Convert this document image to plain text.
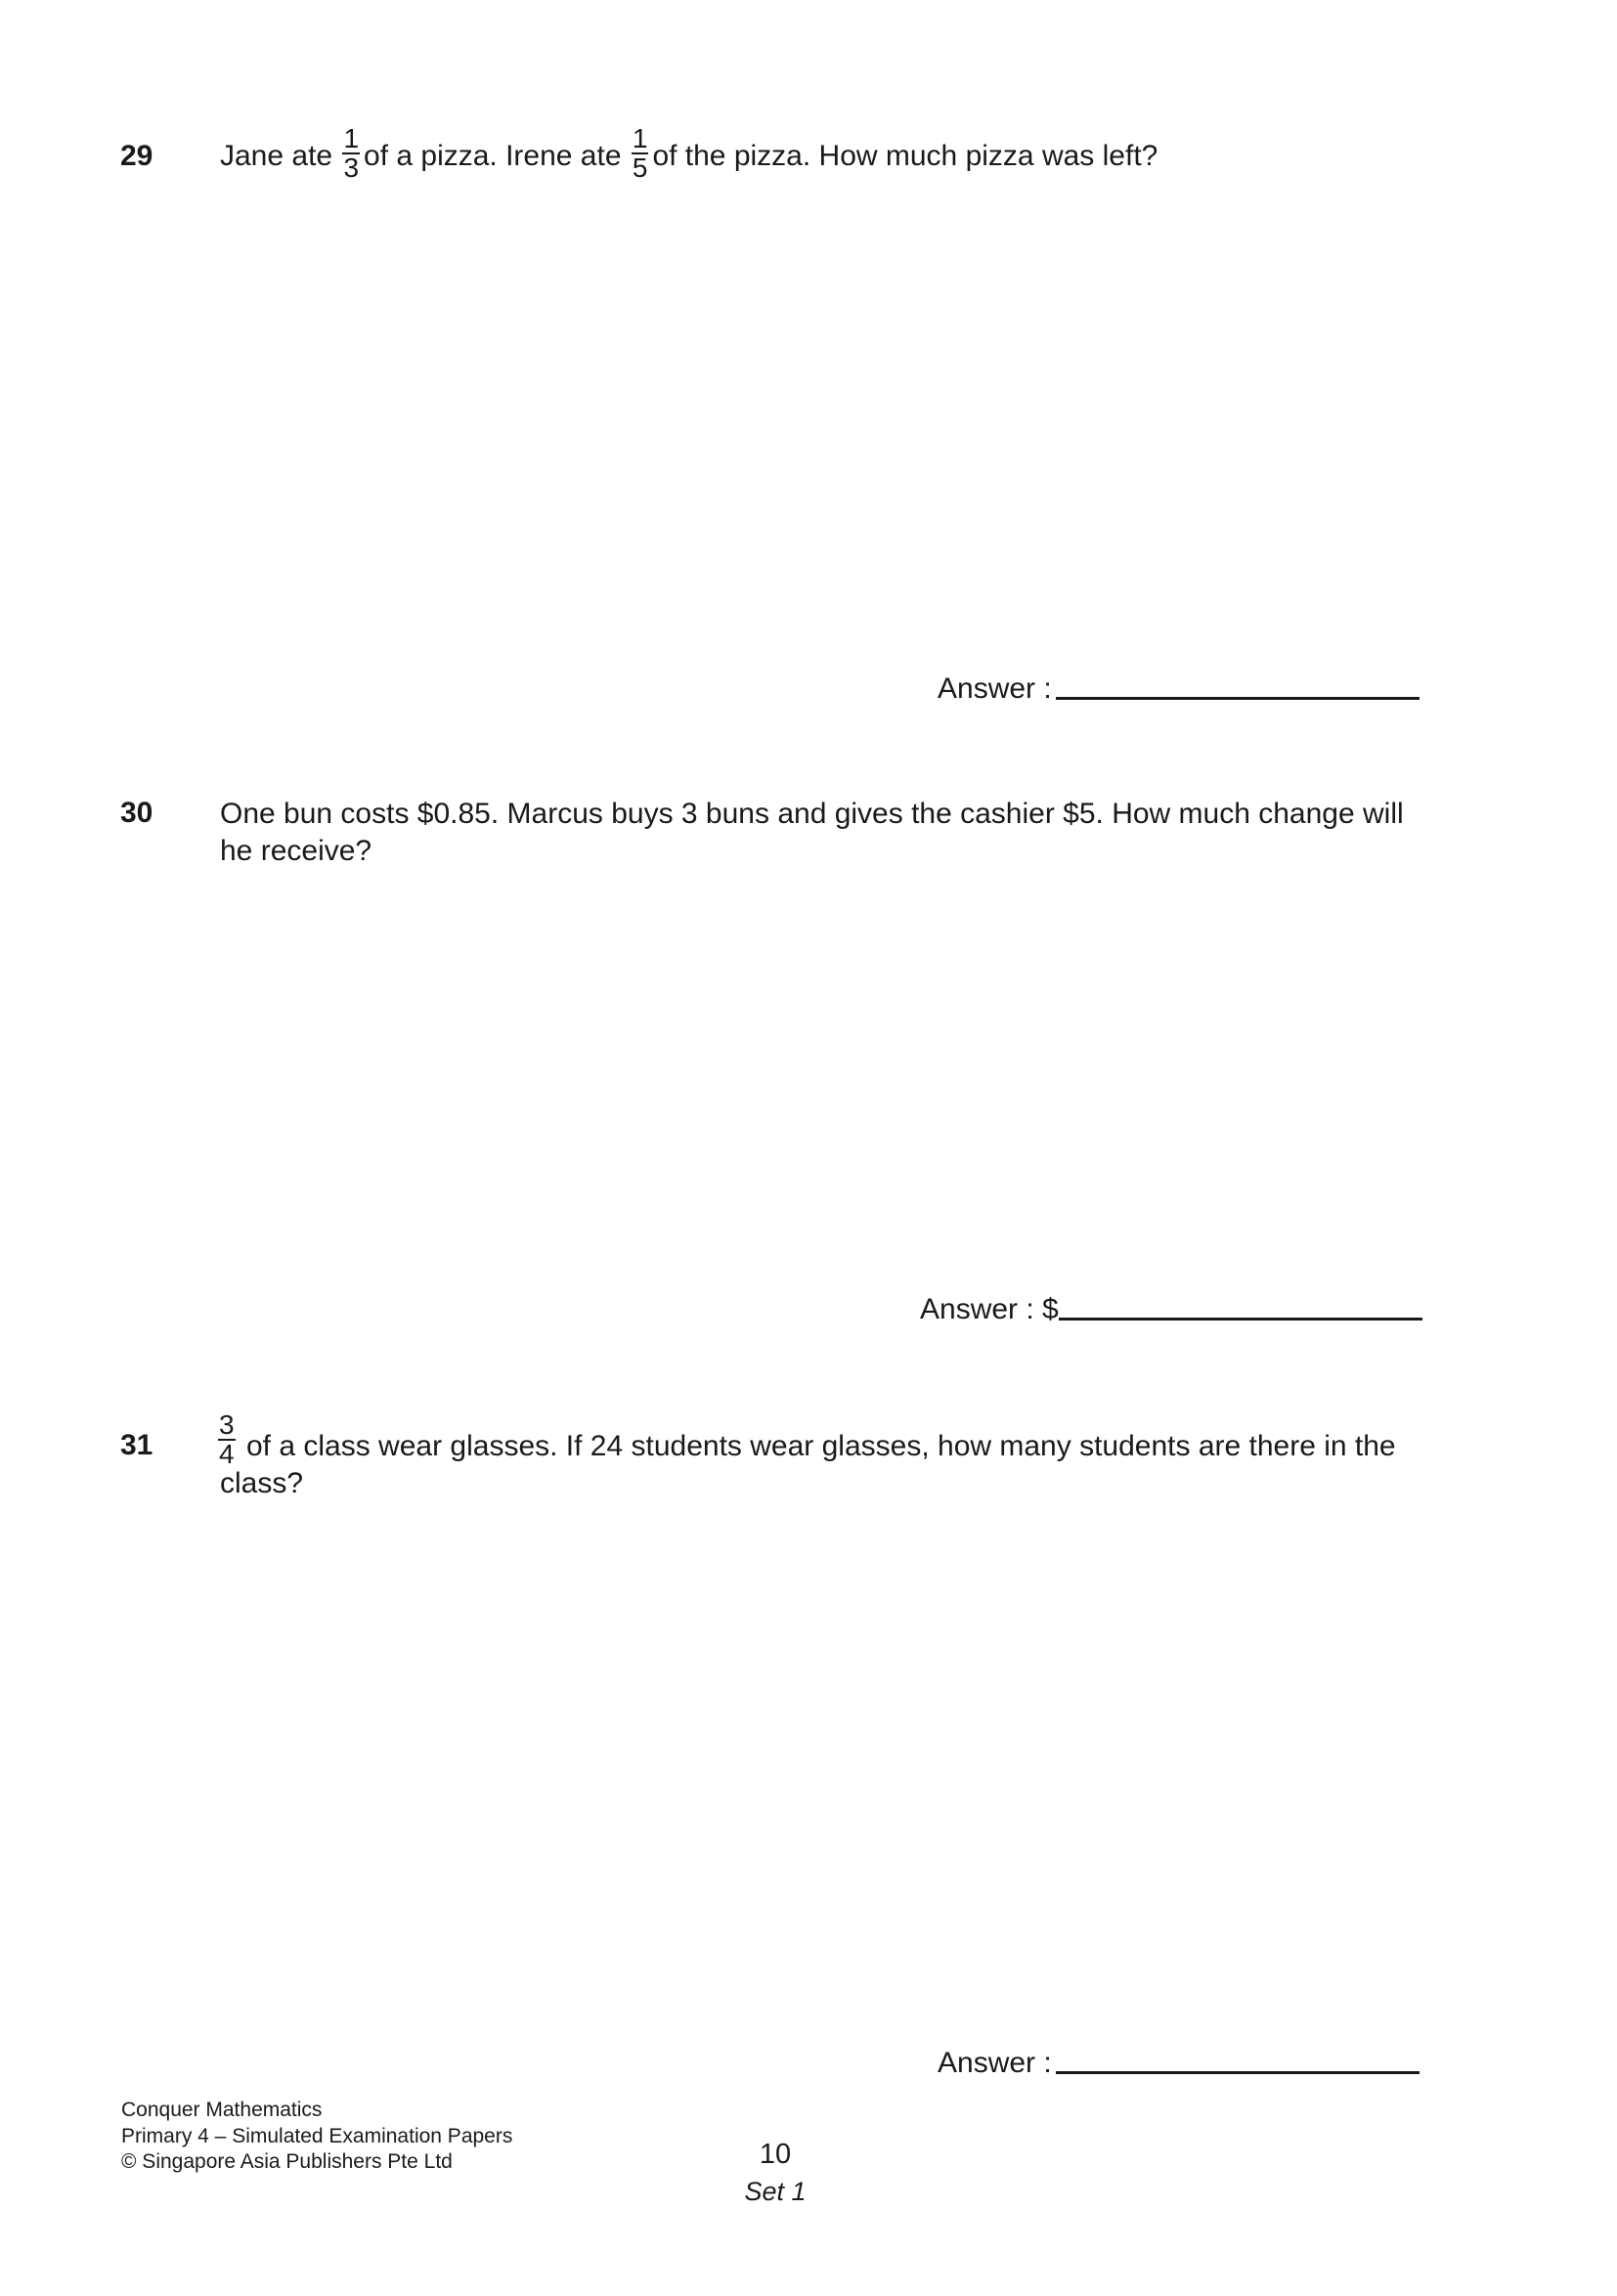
29 Jane ate $\frac{1}{3}$ of a pizza. Irene ate $\frac{1}{5}$ of the pizza. How much pizza was left?
Answer :
30 One bun costs $0.85. Marcus buys 3 buns and gives the cashier $5. How much change will he receive?
Answer : $
$31 \frac{3}{4}$ of a class wear glasses. If 24 students wear glasses, how many students are there in the class?
Answer :
Conquer Mathematics
Primary 4 – Simulated Examination Papers
© Singapore Asia Publishers Pte Ltd	10
Set 1
